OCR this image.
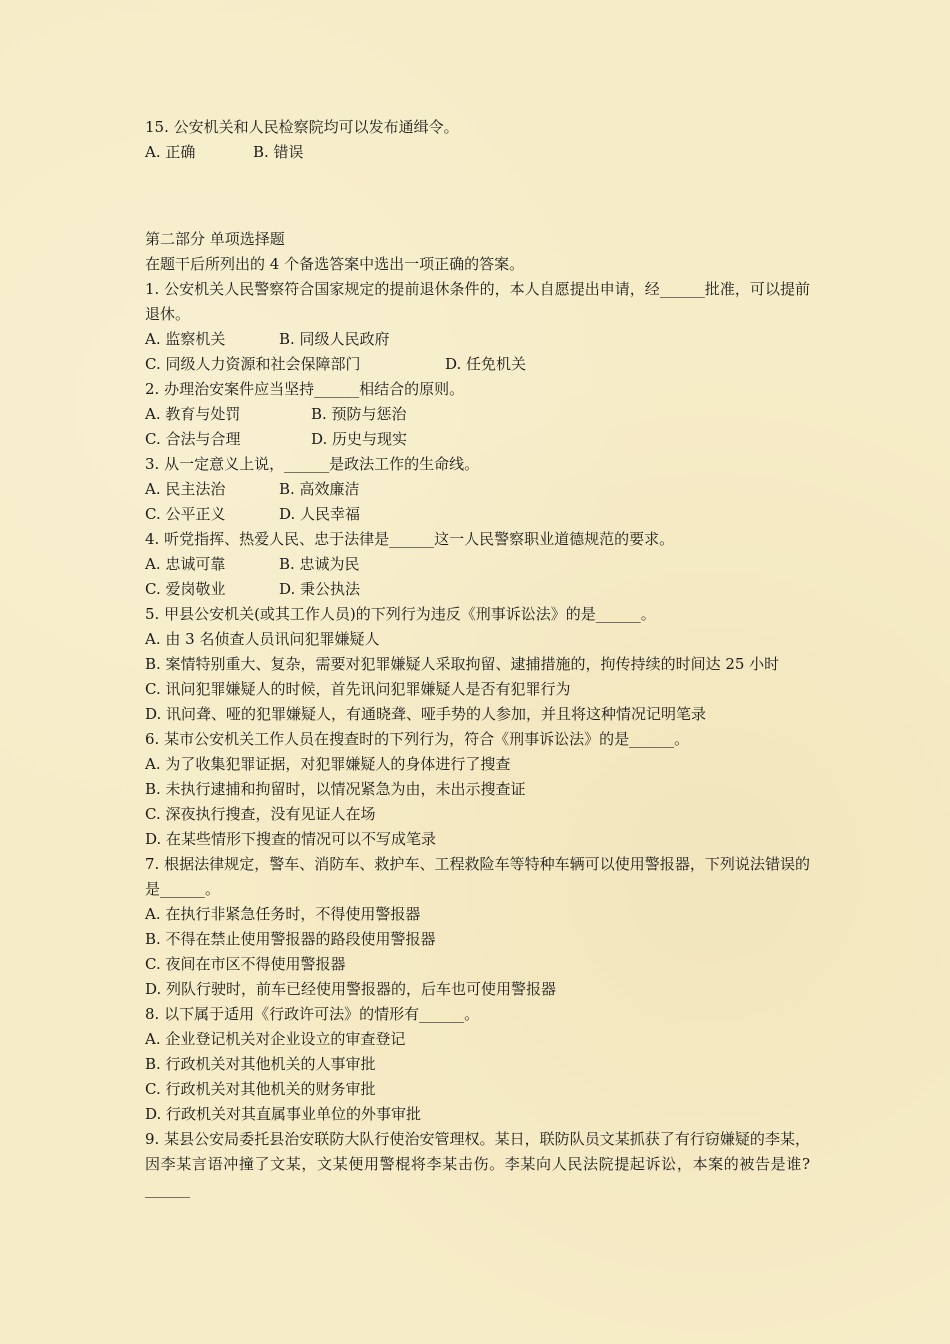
15. 公安机关和人民检察院均可以发布通缉令。

A. 正确	B. 错误

第二部分 单项选择题

在题干后所列出的 4 个备选答案中选出一项正确的答案。

1. 公安机关人民警察符合国家规定的提前退休条件的，本人自愿提出申请，经______批准，可以提前退休。

A. 监察机关	B. 同级人民政府

C. 同级人力资源和社会保障部门	D. 任免机关

2. 办理治安案件应当坚持______相结合的原则。

A. 教育与处罚	B. 预防与惩治

C. 合法与合理	D. 历史与现实

3. 从一定意义上说，______是政法工作的生命线。

A. 民主法治	B. 高效廉洁

C. 公平正义	D. 人民幸福

4. 听党指挥、热爱人民、忠于法律是______这一人民警察职业道德规范的要求。

A. 忠诚可靠	B. 忠诚为民

C. 爱岗敬业	D. 秉公执法

5. 甲县公安机关(或其工作人员)的下列行为违反《刑事诉讼法》的是______。

A. 由 3 名侦查人员讯问犯罪嫌疑人

B. 案情特别重大、复杂，需要对犯罪嫌疑人采取拘留、逮捕措施的，拘传持续的时间达 25 小时

C. 讯问犯罪嫌疑人的时候，首先讯问犯罪嫌疑人是否有犯罪行为

D. 讯问聋、哑的犯罪嫌疑人，有通晓聋、哑手势的人参加，并且将这种情况记明笔录

6. 某市公安机关工作人员在搜查时的下列行为，符合《刑事诉讼法》的是______。

A. 为了收集犯罪证据，对犯罪嫌疑人的身体进行了搜查

B. 未执行逮捕和拘留时，以情况紧急为由，未出示搜查证

C. 深夜执行搜查，没有见证人在场

D. 在某些情形下搜查的情况可以不写成笔录

7. 根据法律规定，警车、消防车、救护车、工程救险车等特种车辆可以使用警报器，下列说法错误的是______。

A. 在执行非紧急任务时，不得使用警报器

B. 不得在禁止使用警报器的路段使用警报器

C. 夜间在市区不得使用警报器

D. 列队行驶时，前车已经使用警报器的，后车也可使用警报器

8. 以下属于适用《行政许可法》的情形有______。

A. 企业登记机关对企业设立的审查登记

B. 行政机关对其他机关的人事审批

C. 行政机关对其他机关的财务审批

D. 行政机关对其直属事业单位的外事审批

9. 某县公安局委托县治安联防大队行使治安管理权。某日，联防队员文某抓获了有行窃嫌疑的李某，因李某言语冲撞了文某，文某便用警棍将李某击伤。李某向人民法院提起诉讼，本案的被告是谁?______
